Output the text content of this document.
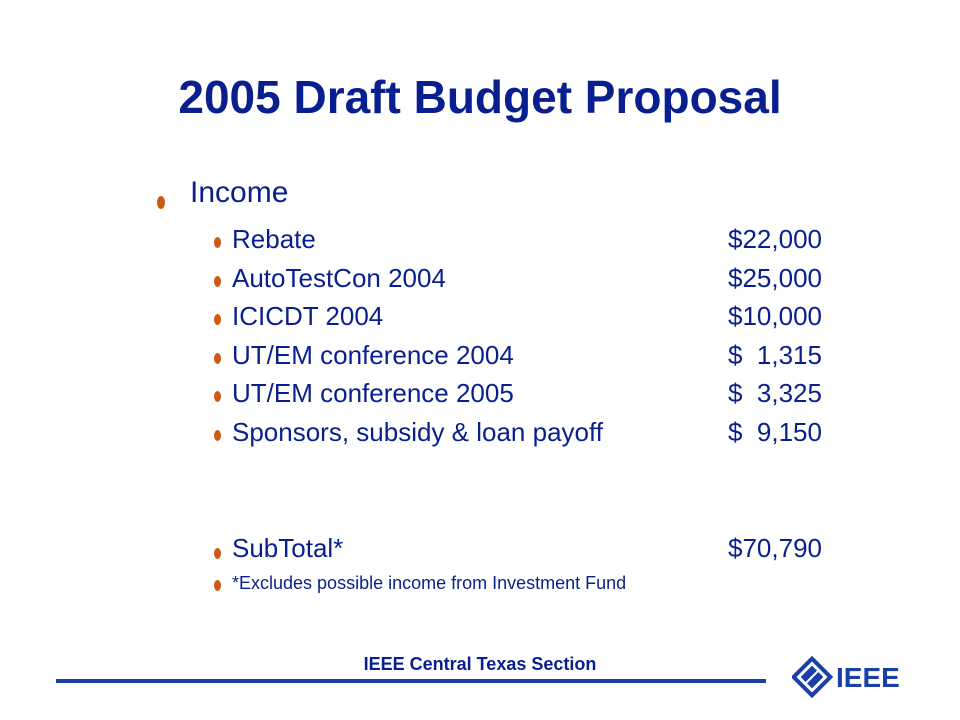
2005 Draft Budget Proposal
Income
Rebate	$22,000
AutoTestCon 2004	$25,000
ICICDT 2004	$10,000
UT/EM conference 2004	$  1,315
UT/EM conference 2005	$  3,325
Sponsors, subsidy & loan payoff	$  9,150
SubTotal*	$70,790
*Excludes possible income from Investment Fund
IEEE Central Texas Section	IEEE
